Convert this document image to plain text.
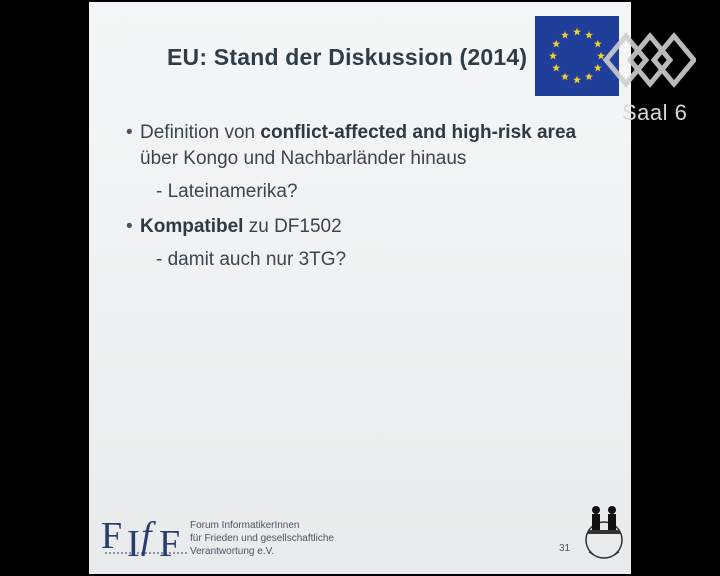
EU: Stand der Diskussion (2014)
• Definition von conflict-affected and high-risk area
über Kongo und Nachbarländer hinaus
- Lateinamerika?
• Kompatibel zu DF1502
- damit auch nur 3TG?
F I f F Forum InformatikerInnen
für Frieden und gesellschaftliche
Verantwortung e.V.	31
Saal 6
